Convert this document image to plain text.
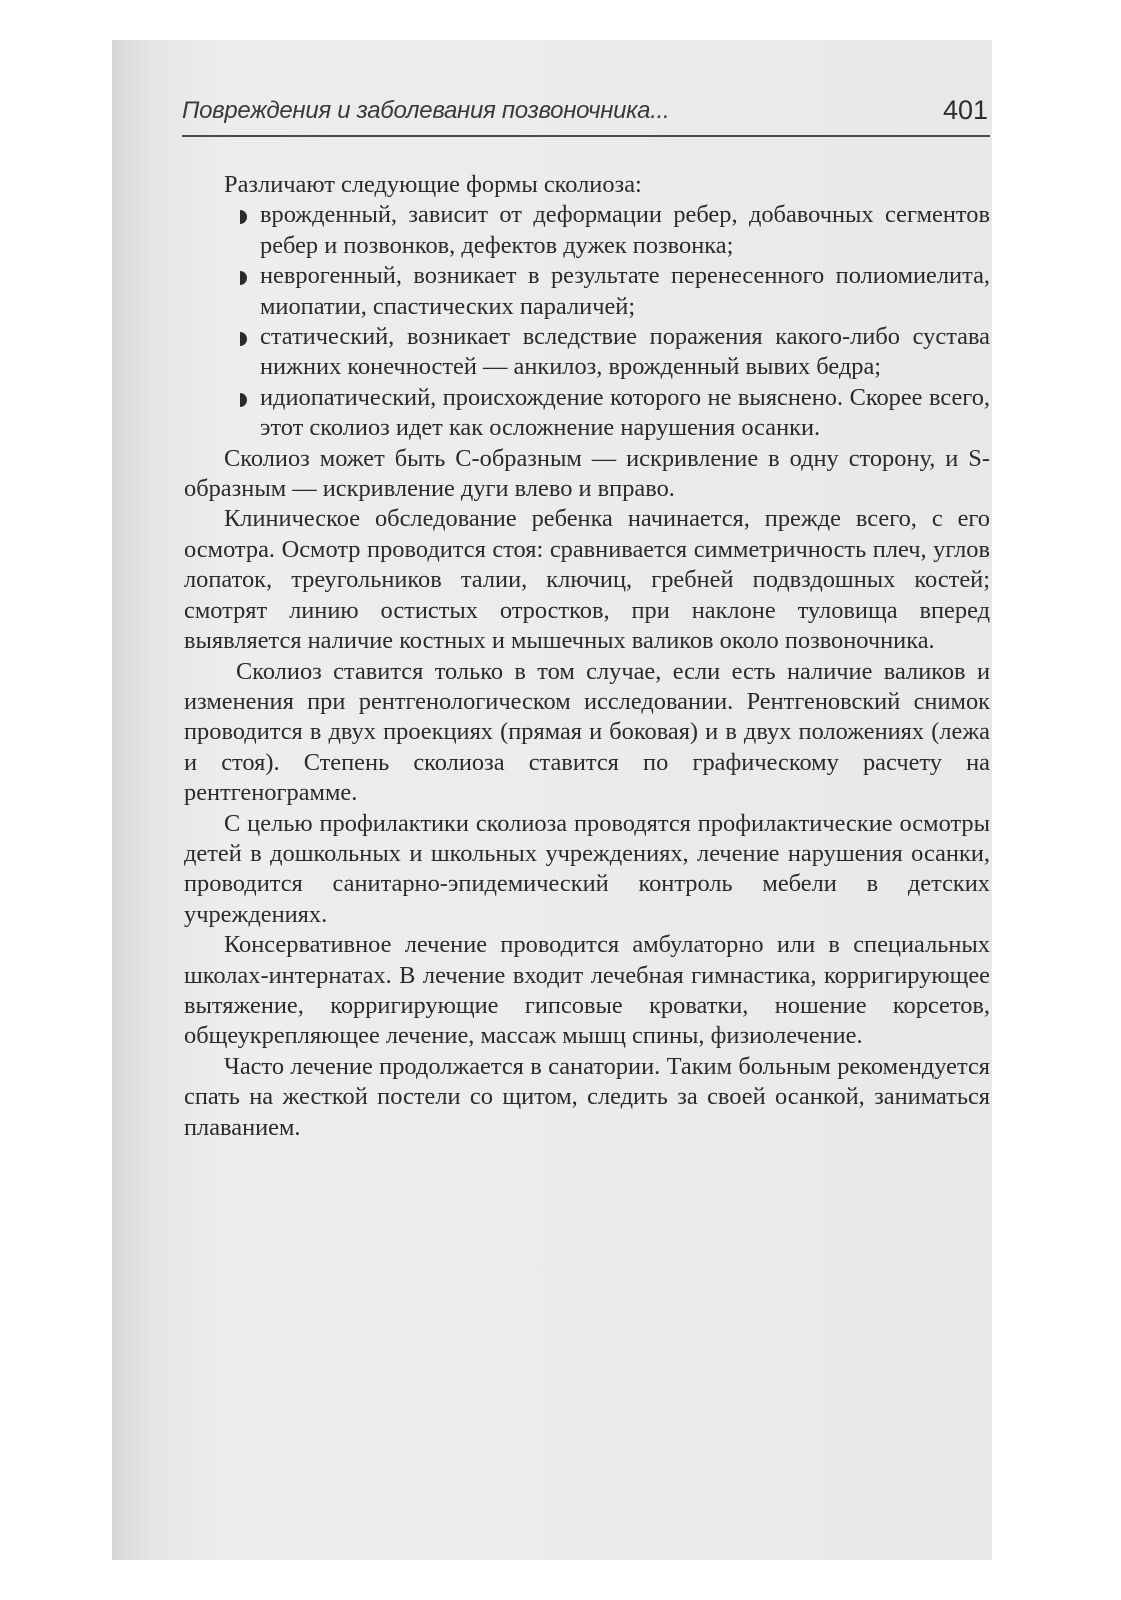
Повреждения и заболевания позвоночника...	401

Различают следующие формы сколиоза:

врожденный, зависит от деформации ребер, добавочных сегментов ребер и позвонков, дефектов дужек позвонка;
неврогенный, возникает в результате перенесенного полиомиелита, миопатии, спастических параличей;
статический, возникает вследствие поражения какого-либо сустава нижних конечностей — анкилоз, врожденный вывих бедра;
идиопатический, происхождение которого не выяснено. Скорее всего, этот сколиоз идет как осложнение нарушения осанки.

Сколиоз может быть С-образным — искривление в одну сторону, и S-образным — искривление дуги влево и вправо.

Клиническое обследование ребенка начинается, прежде всего, с его осмотра. Осмотр проводится стоя: сравнивается симметричность плеч, углов лопаток, треугольников талии, ключиц, гребней подвздошных костей; смотрят линию остистых отростков, при наклоне туловища вперед выявляется наличие костных и мышечных валиков около позвоночника.

Сколиоз ставится только в том случае, если есть наличие валиков и изменения при рентгенологическом исследовании. Рентгеновский снимок проводится в двух проекциях (прямая и боковая) и в двух положениях (лежа и стоя). Степень сколиоза ставится по графическому расчету на рентгенограмме.

С целью профилактики сколиоза проводятся профилактические осмотры детей в дошкольных и школьных учреждениях, лечение нарушения осанки, проводится санитарно-эпидемический контроль мебели в детских учреждениях.

Консервативное лечение проводится амбулаторно или в специальных школах-интернатах. В лечение входит лечебная гимнастика, корригирующее вытяжение, корригирующие гипсовые кроватки, ношение корсетов, общеукрепляющее лечение, массаж мышц спины, физиолечение.

Часто лечение продолжается в санатории. Таким больным рекомендуется спать на жесткой постели со щитом, следить за своей осанкой, заниматься плаванием.
